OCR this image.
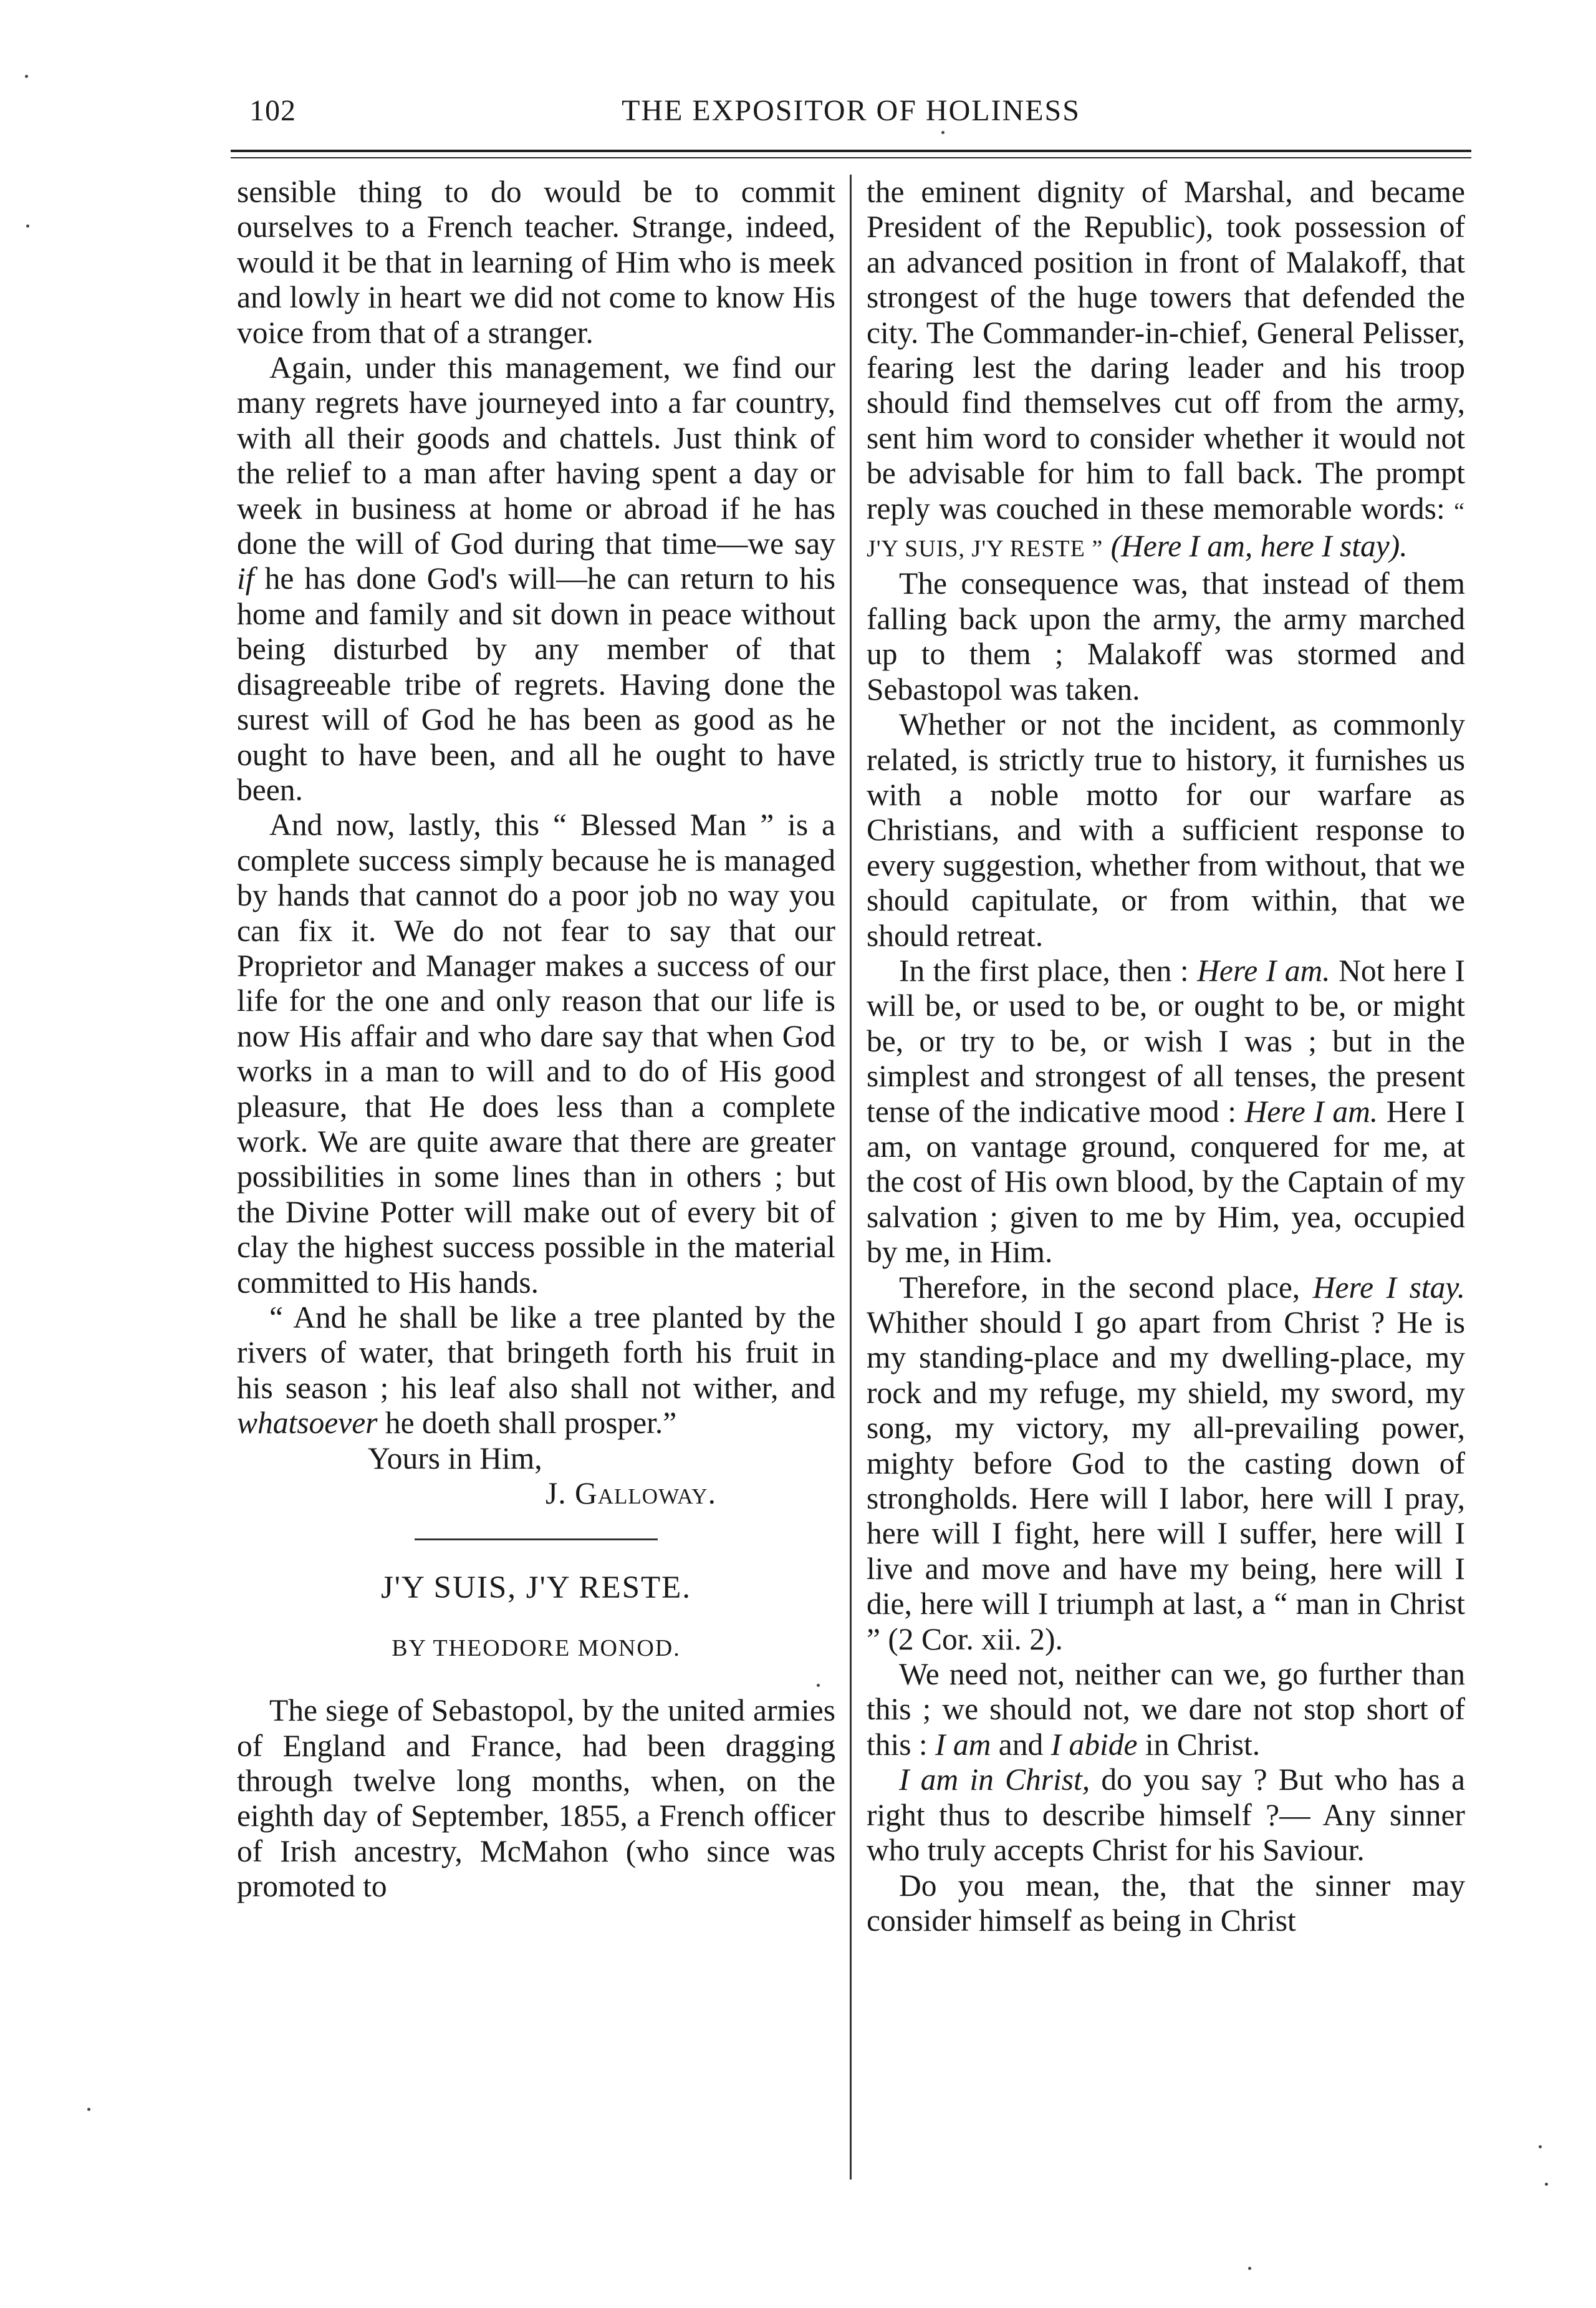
102	THE EXPOSITOR OF HOLINESS

sensible thing to do would be to commit ourselves to a French teacher. Strange, indeed, would it be that in learning of Him who is meek and lowly in heart we did not come to know His voice from that of a stranger.

Again, under this management, we find our many regrets have journeyed into a far country, with all their goods and chattels. Just think of the relief to a man after having spent a day or week in business at home or abroad if he has done the will of God during that time—we say if he has done God's will—he can return to his home and family and sit down in peace without being disturbed by any member of that disagreeable tribe of regrets. Having done the surest will of God he has been as good as he ought to have been, and all he ought to have been.

And now, lastly, this “ Blessed Man ” is a complete success simply because he is managed by hands that cannot do a poor job no way you can fix it. We do not fear to say that our Proprietor and Manager makes a success of our life for the one and only reason that our life is now His affair and who dare say that when God works in a man to will and to do of His good pleasure, that He does less than a complete work. We are quite aware that there are greater possibilities in some lines than in others ; but the Divine Potter will make out of every bit of clay the highest success possible in the material committed to His hands.

“ And he shall be like a tree planted by the rivers of water, that bringeth forth his fruit in his season ; his leaf also shall not wither, and whatsoever he doeth shall prosper.”

Yours in Him,

J. Galloway.

J'Y SUIS, J'Y RESTE.
BY THEODORE MONOD.

The siege of Sebastopol, by the united armies of England and France, had been dragging through twelve long months, when, on the eighth day of September, 1855, a French officer of Irish ancestry, McMahon (who since was promoted to

the eminent dignity of Marshal, and became President of the Republic), took possession of an advanced position in front of Malakoff, that strongest of the huge towers that defended the city. The Commander-in-chief, General Pelisser, fearing lest the daring leader and his troop should find themselves cut off from the army, sent him word to consider whether it would not be advisable for him to fall back. The prompt reply was couched in these memorable words: “ J'Y SUIS, J'Y RESTE ” (Here I am, here I stay).

The consequence was, that instead of them falling back upon the army, the army marched up to them ; Malakoff was stormed and Sebastopol was taken.

Whether or not the incident, as commonly related, is strictly true to history, it furnishes us with a noble motto for our warfare as Christians, and with a sufficient response to every suggestion, whether from without, that we should capitulate, or from within, that we should retreat.

In the first place, then : Here I am. Not here I will be, or used to be, or ought to be, or might be, or try to be, or wish I was ; but in the simplest and strongest of all tenses, the present tense of the indicative mood : Here I am. Here I am, on vantage ground, conquered for me, at the cost of His own blood, by the Captain of my salvation ; given to me by Him, yea, occupied by me, in Him.

Therefore, in the second place, Here I stay. Whither should I go apart from Christ ? He is my standing-place and my dwelling-place, my rock and my refuge, my shield, my sword, my song, my victory, my all-prevailing power, mighty before God to the casting down of strongholds. Here will I labor, here will I pray, here will I fight, here will I suffer, here will I live and move and have my being, here will I die, here will I triumph at last, a “ man in Christ ” (2 Cor. xii. 2).

We need not, neither can we, go further than this ; we should not, we dare not stop short of this : I am and I abide in Christ.

I am in Christ, do you say ? But who has a right thus to describe himself ?— Any sinner who truly accepts Christ for his Saviour.

Do you mean, the, that the sinner may consider himself as being in Christ
